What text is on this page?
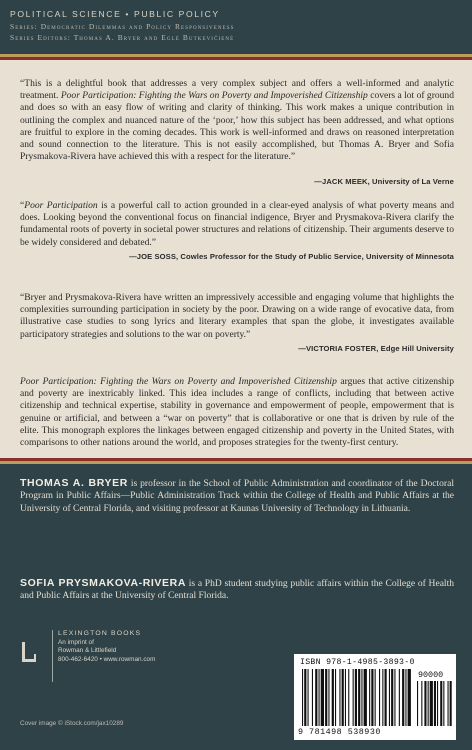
POLITICAL SCIENCE • PUBLIC POLICY
Series: Democratic Dilemmas and Policy Responsiveness
Series Editors: Thomas A. Bryer and Eglė Butkevičienė

“This is a delightful book that addresses a very complex subject and offers a well-informed and analytic treatment. Poor Participation: Fighting the Wars on Poverty and Impoverished Citizenship covers a lot of ground and does so with an easy flow of writing and clarity of thinking. This work makes a unique contribution in outlining the complex and nuanced nature of the ‘poor,’ how this subject has been addressed, and what options are fruitful to explore in the coming decades. This work is well-informed and draws on reasoned interpretation and sound connection to the literature. This is not easily accomplished, but Thomas A. Bryer and Sofia Prysmakova-Rivera have achieved this with a respect for the literature.”

—JACK MEEK, University of La Verne

“Poor Participation is a powerful call to action grounded in a clear-eyed analysis of what poverty means and does. Looking beyond the conventional focus on financial indigence, Bryer and Prysmakova-Rivera clarify the fundamental roots of poverty in societal power structures and relations of citizenship. Their arguments deserve to be widely considered and debated.”

—JOE SOSS, Cowles Professor for the Study of Public Service, University of Minnesota

“Bryer and Prysmakova-Rivera have written an impressively accessible and engaging volume that highlights the complexities surrounding participation in society by the poor. Drawing on a wide range of evocative data, from illustrative case studies to song lyrics and literary examples that span the globe, it investigates available participatory strategies and solutions to the war on poverty.”

—VICTORIA FOSTER, Edge Hill University

Poor Participation: Fighting the Wars on Poverty and Impoverished Citizenship argues that active citizenship and poverty are inextricably linked. This idea includes a range of conflicts, including that between active citizenship and technical expertise, stability in governance and empowerment of people, empowerment that is genuine or artificial, and between a “war on poverty” that is collaborative or one that is driven by rule of the elite. This monograph explores the linkages between engaged citizenship and poverty in the United States, with comparisons to other nations around the world, and proposes strategies for the twenty-first century.

THOMAS A. BRYER is professor in the School of Public Administration and coordinator of the Doctoral Program in Public Affairs—Public Administration Track within the College of Health and Public Affairs at the University of Central Florida, and visiting professor at Kaunas University of Technology in Lithuania.
SOFIA PRYSMAKOVA-RIVERA is a PhD student studying public affairs within the College of Health and Public Affairs at the University of Central Florida.
LEXINGTON BOOKS
An imprint of
Rowman & Littlefield
800-462-6420 • www.rowman.com
Cover image © iStock.com/jax10289
ISBN 978-1-4985-3893-0
90000
9 781498 538930
